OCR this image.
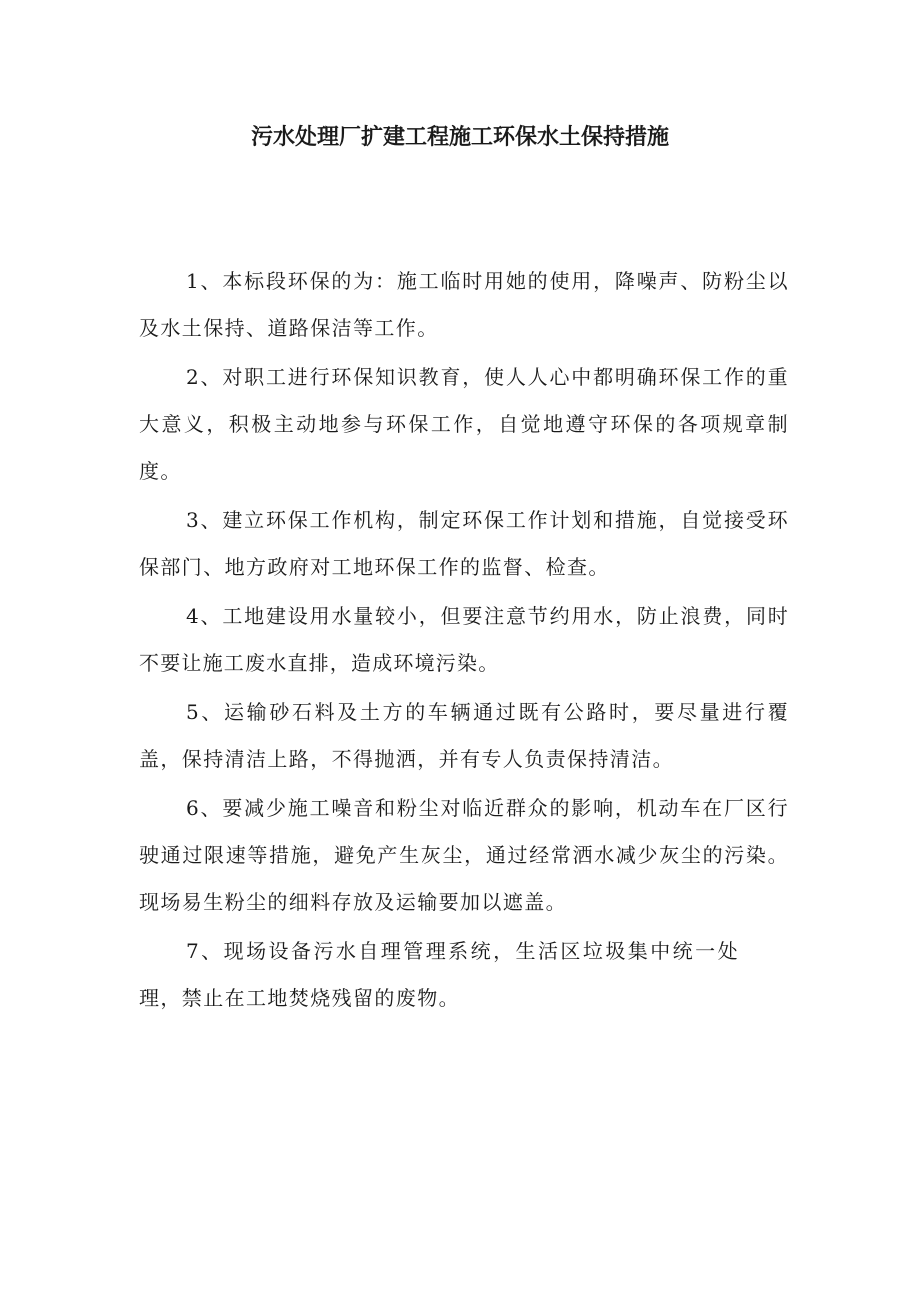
污水处理厂扩建工程施工环保水土保持措施

1、本标段环保的为：施工临时用她的使用，降噪声、防粉尘以及水土保持、道路保洁等工作。

2、对职工进行环保知识教育，使人人心中都明确环保工作的重大意义，积极主动地参与环保工作，自觉地遵守环保的各项规章制度。

3、建立环保工作机构，制定环保工作计划和措施，自觉接受环保部门、地方政府对工地环保工作的监督、检查。

4、工地建设用水量较小，但要注意节约用水，防止浪费，同时不要让施工废水直排，造成环境污染。

5、运输砂石料及土方的车辆通过既有公路时，要尽量进行覆盖，保持清洁上路，不得抛洒，并有专人负责保持清洁。

6、要减少施工噪音和粉尘对临近群众的影响，机动车在厂区行驶通过限速等措施，避免产生灰尘，通过经常洒水减少灰尘的污染。现场易生粉尘的细料存放及运输要加以遮盖。

7、现场设备污水自理管理系统，生活区垃圾集中统一处理，禁止在工地焚烧残留的废物。
